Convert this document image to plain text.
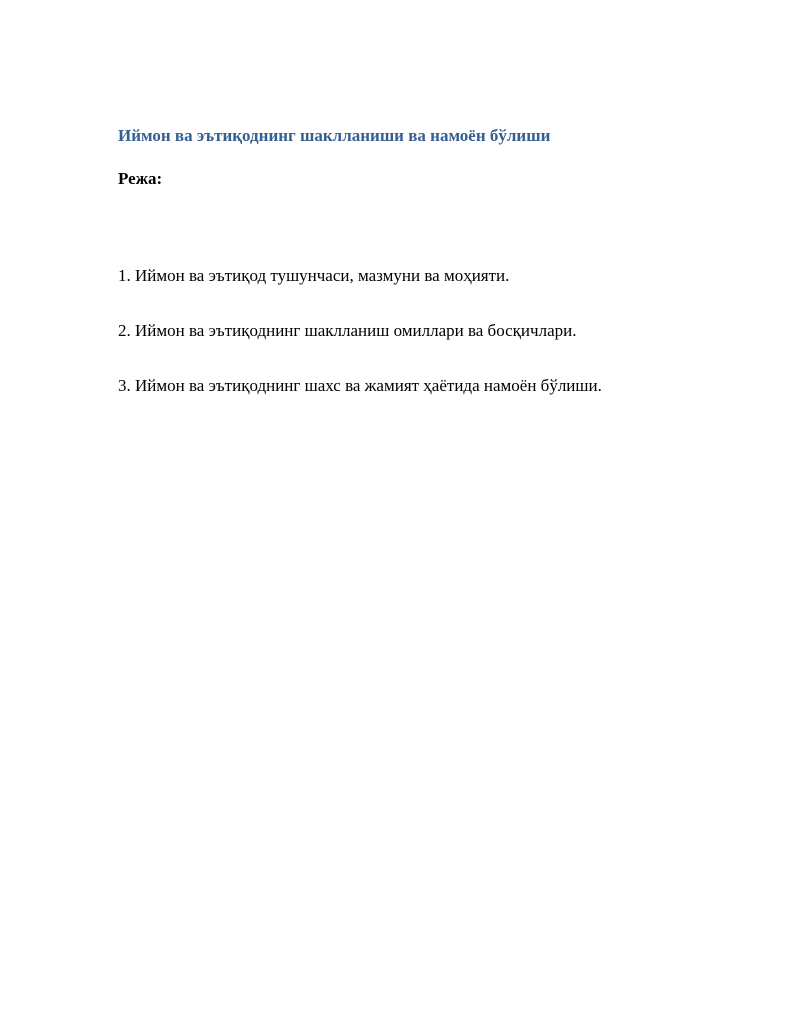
Иймон ва эътиқоднинг шаклланиши ва намоён бўлиши
Режа:
1. Иймон ва эътиқод тушунчаси, мазмуни ва моҳияти.
2. Иймон ва эътиқоднинг шаклланиш омиллари ва босқичлари.
3. Иймон ва эътиқоднинг шахс ва жамият ҳаётида намоён бўлиши.
